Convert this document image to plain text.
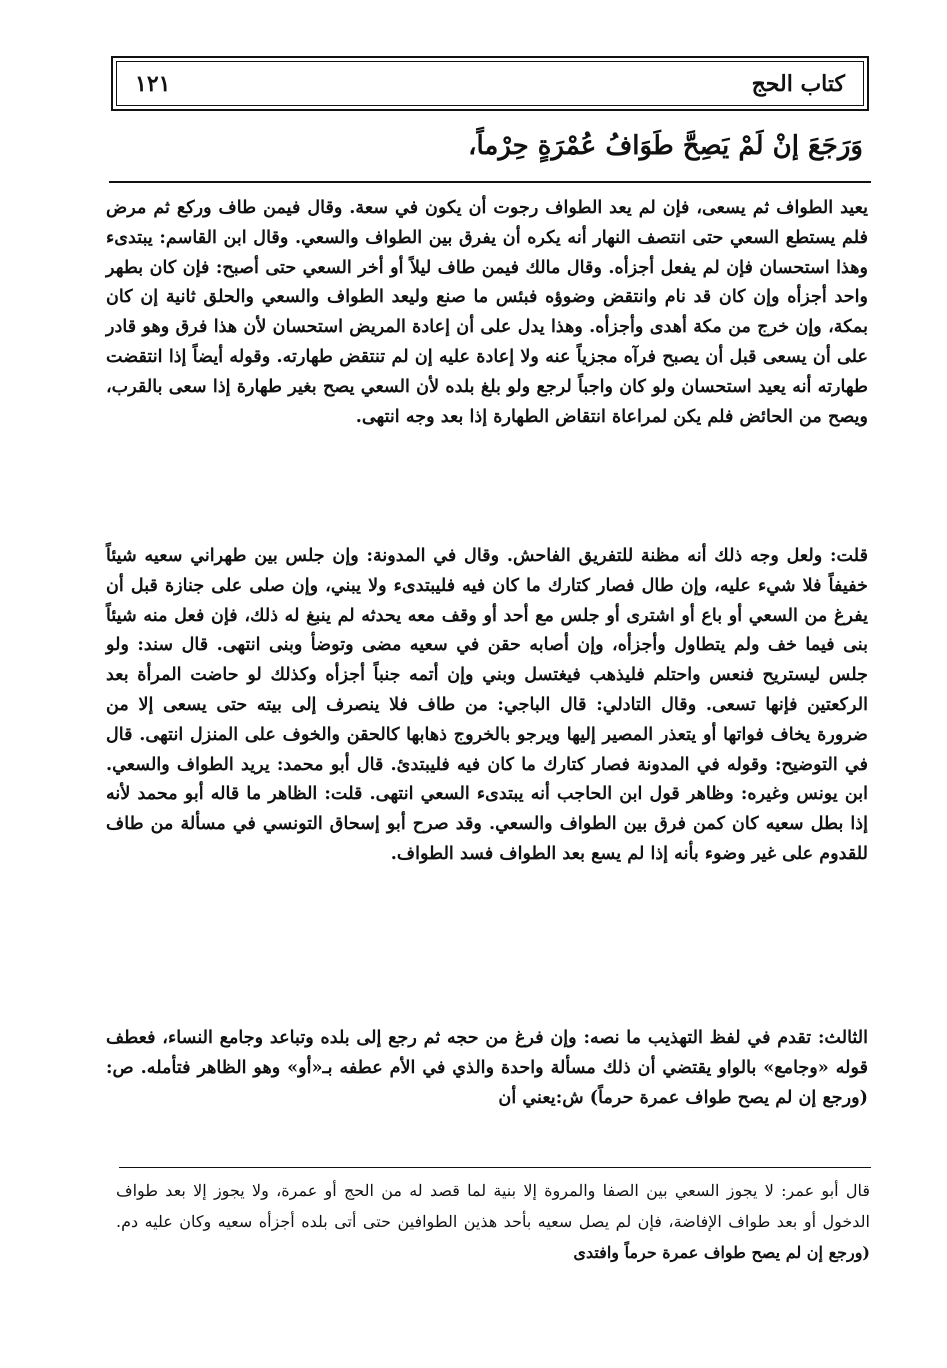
كتاب الحج
١٢١
وَرَجَعَ إنْ لَمْ يَصِحَّ طَوَافُ عُمْرَةٍ حِرْماً،

يعيد الطواف ثم يسعى، فإن لم يعد الطواف رجوت أن يكون في سعة. وقال فيمن طاف وركع ثم مرض فلم يستطع السعي حتى انتصف النهار أنه يكره أن يفرق بين الطواف والسعي. وقال ابن القاسم: يبتدىء وهذا استحسان فإن لم يفعل أجزأه. وقال مالك فيمن طاف ليلاً أو أخر السعي حتى أصبح: فإن كان بطهر واحد أجزأه وإن كان قد نام وانتقض وضوؤه فبئس ما صنع وليعد الطواف والسعي والحلق ثانية إن كان بمكة، وإن خرج من مكة أهدى وأجزأه. وهذا يدل على أن إعادة المريض استحسان لأن هذا فرق وهو قادر على أن يسعى قبل أن يصبح فرآه مجزياً عنه ولا إعادة عليه إن لم تنتقض طهارته. وقوله أيضاً إذا انتقضت طهارته أنه يعيد استحسان ولو كان واجباً لرجع ولو بلغ بلده لأن السعي يصح بغير طهارة إذا سعى بالقرب، ويصح من الحائض فلم يكن لمراعاة انتقاض الطهارة إذا بعد وجه انتهى.

قلت: ولعل وجه ذلك أنه مظنة للتفريق الفاحش. وقال في المدونة: وإن جلس بين طهراني سعيه شيئاً خفيفاً فلا شيء عليه، وإن طال فصار كتارك ما كان فيه فليبتدىء ولا يبني، وإن صلى على جنازة قبل أن يفرغ من السعي أو باع أو اشترى أو جلس مع أحد أو وقف معه يحدثه لم ينبغ له ذلك، فإن فعل منه شيئاً بنى فيما خف ولم يتطاول وأجزأه، وإن أصابه حقن في سعيه مضى وتوضأ وبنى انتهى. قال سند: ولو جلس ليستريح فنعس واحتلم فليذهب فيغتسل وبني وإن أتمه جنباً أجزأه وكذلك لو حاضت المرأة بعد الركعتين فإنها تسعى. وقال التادلي: قال الباجي: من طاف فلا ينصرف إلى بيته حتى يسعى إلا من ضرورة يخاف فواتها أو يتعذر المصير إليها ويرجو بالخروج ذهابها كالحقن والخوف على المنزل انتهى. قال في التوضيح: وقوله في المدونة فصار كتارك ما كان فيه فليبتدئ. قال أبو محمد: يريد الطواف والسعي. ابن يونس وغيره: وظاهر قول ابن الحاجب أنه يبتدىء السعي انتهى. قلت: الظاهر ما قاله أبو محمد لأنه إذا بطل سعيه كان كمن فرق بين الطواف والسعي. وقد صرح أبو إسحاق التونسي في مسألة من طاف للقدوم على غير وضوء بأنه إذا لم يسع بعد الطواف فسد الطواف.

الثالث: تقدم في لفظ التهذيب ما نصه: وإن فرغ من حجه ثم رجع إلى بلده وتباعد وجامع النساء، فعطف قوله «وجامع» بالواو يقتضي أن ذلك مسألة واحدة والذي في الأم عطفه بـ«أو» وهو الظاهر فتأمله. ص: (ورجع إن لم يصح طواف عمرة حرماً) ش:يعني أن

قال أبو عمر: لا يجوز السعي بين الصفا والمروة إلا بنية لما قصد له من الحج أو عمرة، ولا يجوز إلا بعد طواف الدخول أو بعد طواف الإفاضة، فإن لم يصل سعيه بأحد هذين الطوافين حتى أتى بلده أجزأه سعيه وكان عليه دم. (ورجع إن لم يصح طواف عمرة حرماً وافتدى
